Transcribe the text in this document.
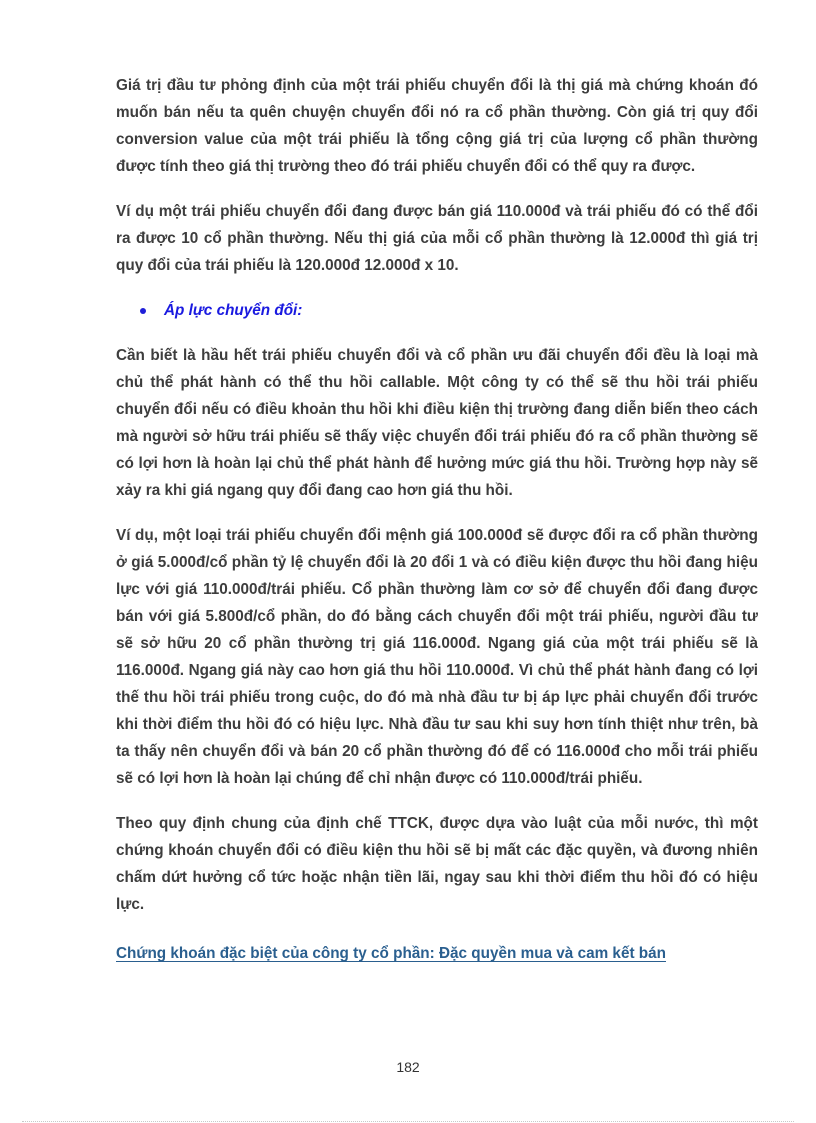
Giá trị đầu tư phỏng định của một trái phiếu chuyển đổi là thị giá mà chứng khoán đó muốn bán nếu ta quên chuyện chuyển đổi nó ra cổ phần thường. Còn giá trị quy đổi conversion value của một trái phiếu là tổng cộng giá trị của lượng cổ phần thường được tính theo giá thị trường theo đó trái phiếu chuyển đổi có thể quy ra được.

Ví dụ một trái phiếu chuyển đổi đang được bán giá 110.000đ và trái phiếu đó có thể đổi ra được 10 cổ phần thường. Nếu thị giá của mỗi cổ phần thường là 12.000đ thì giá trị quy đổi của trái phiếu là 120.000đ 12.000đ x 10.

Áp lực chuyển đổi:

Cần biết là hầu hết trái phiếu chuyển đổi và cổ phần ưu đãi chuyển đổi đều là loại mà chủ thể phát hành có thể thu hồi callable. Một công ty có thể sẽ thu hồi trái phiếu chuyển đổi nếu có điều khoản thu hồi khi điều kiện thị trường đang diễn biến theo cách mà người sở hữu trái phiếu sẽ thấy việc chuyển đổi trái phiếu đó ra cổ phần thường sẽ có lợi hơn là hoàn lại chủ thể phát hành để hưởng mức giá thu hồi. Trường hợp này sẽ xảy ra khi giá ngang quy đổi đang cao hơn giá thu hồi.

Ví dụ, một loại trái phiếu chuyển đổi mệnh giá 100.000đ sẽ được đổi ra cổ phần thường ở giá 5.000đ/cổ phần tỷ lệ chuyển đổi là 20 đổi 1 và có điều kiện được thu hồi đang hiệu lực với giá 110.000đ/trái phiếu. Cổ phần thường làm cơ sở để chuyển đổi đang được bán với giá 5.800đ/cổ phần, do đó bằng cách chuyển đổi một trái phiếu, người đầu tư sẽ sở hữu 20 cổ phần thường trị giá 116.000đ. Ngang giá của một trái phiếu sẽ là 116.000đ. Ngang giá này cao hơn giá thu hồi 110.000đ. Vì chủ thể phát hành đang có lợi thế thu hồi trái phiếu trong cuộc, do đó mà nhà đầu tư bị áp lực phải chuyển đổi trước khi thời điểm thu hồi đó có hiệu lực. Nhà đầu tư sau khi suy hơn tính thiệt như trên, bà ta thấy nên chuyển đổi và bán 20 cổ phần thường đó để có 116.000đ cho mỗi trái phiếu sẽ có lợi hơn là hoàn lại chúng để chỉ nhận được có 110.000đ/trái phiếu.

Theo quy định chung của định chế TTCK, được dựa vào luật của mỗi nước, thì một chứng khoán chuyển đổi có điều kiện thu hồi sẽ bị mất các đặc quyền, và đương nhiên chấm dứt hưởng cổ tức hoặc nhận tiền lãi, ngay sau khi thời điểm thu hồi đó có hiệu lực.

Chứng khoán đặc biệt của công ty cổ phần: Đặc quyền mua và cam kết bán
182
